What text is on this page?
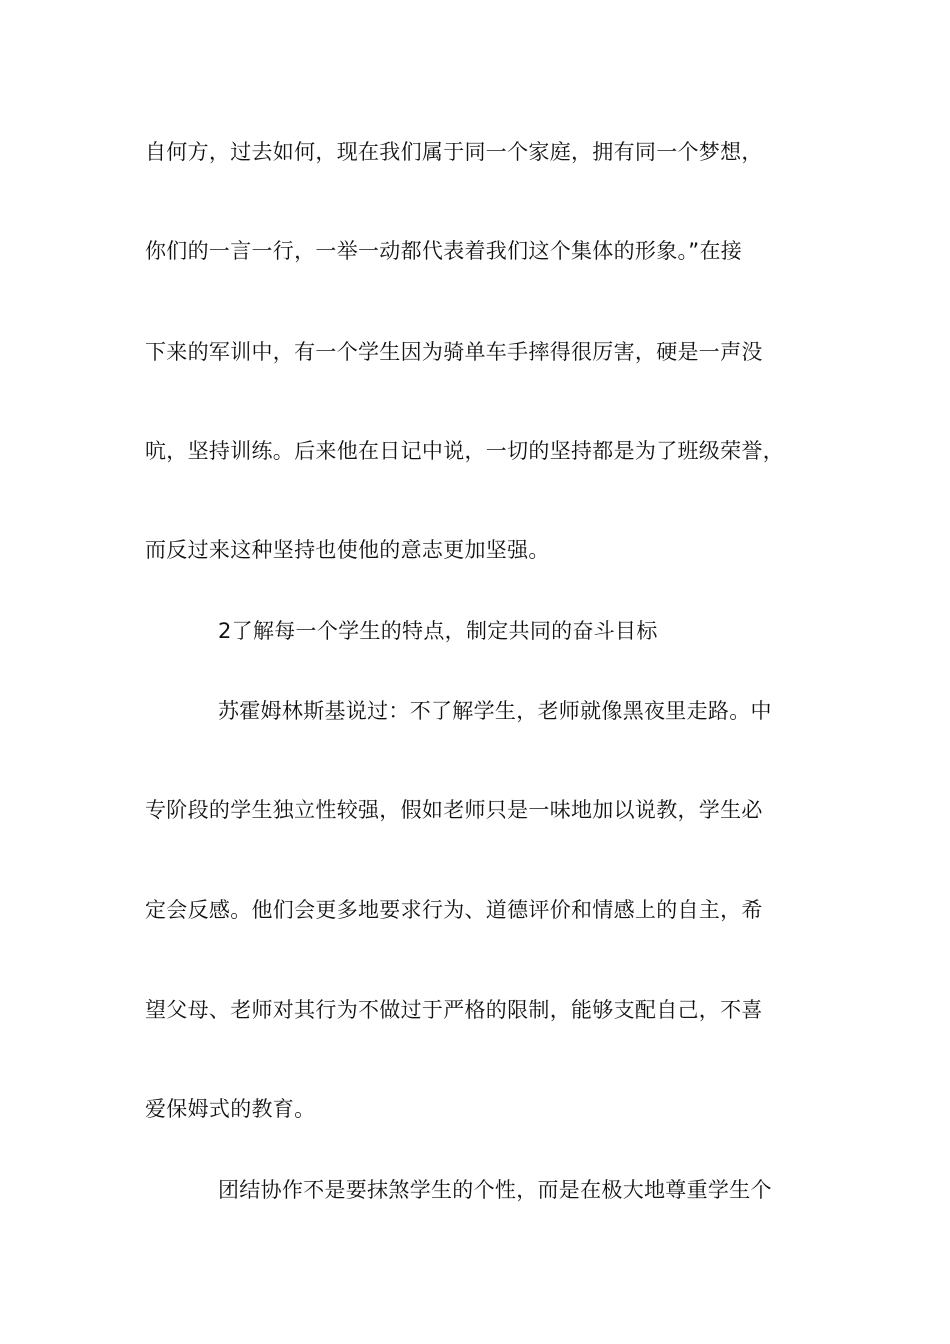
自何方，过去如何，现在我们属于同一个家庭，拥有同一个梦想，
你们的一言一行，一举一动都代表着我们这个集体的形象。”在接
下来的军训中，有一个学生因为骑单车手摔得很厉害，硬是一声没
吭，坚持训练。后来他在日记中说，一切的坚持都是为了班级荣誉，
而反过来这种坚持也使他的意志更加坚强。
2了解每一个学生的特点，制定共同的奋斗目标
苏霍姆林斯基说过：不了解学生，老师就像黑夜里走路。中
专阶段的学生独立性较强，假如老师只是一味地加以说教，学生必
定会反感。他们会更多地要求行为、道德评价和情感上的自主，希
望父母、老师对其行为不做过于严格的限制，能够支配自己，不喜
爱保姆式的教育。
团结协作不是要抹煞学生的个性，而是在极大地尊重学生个
